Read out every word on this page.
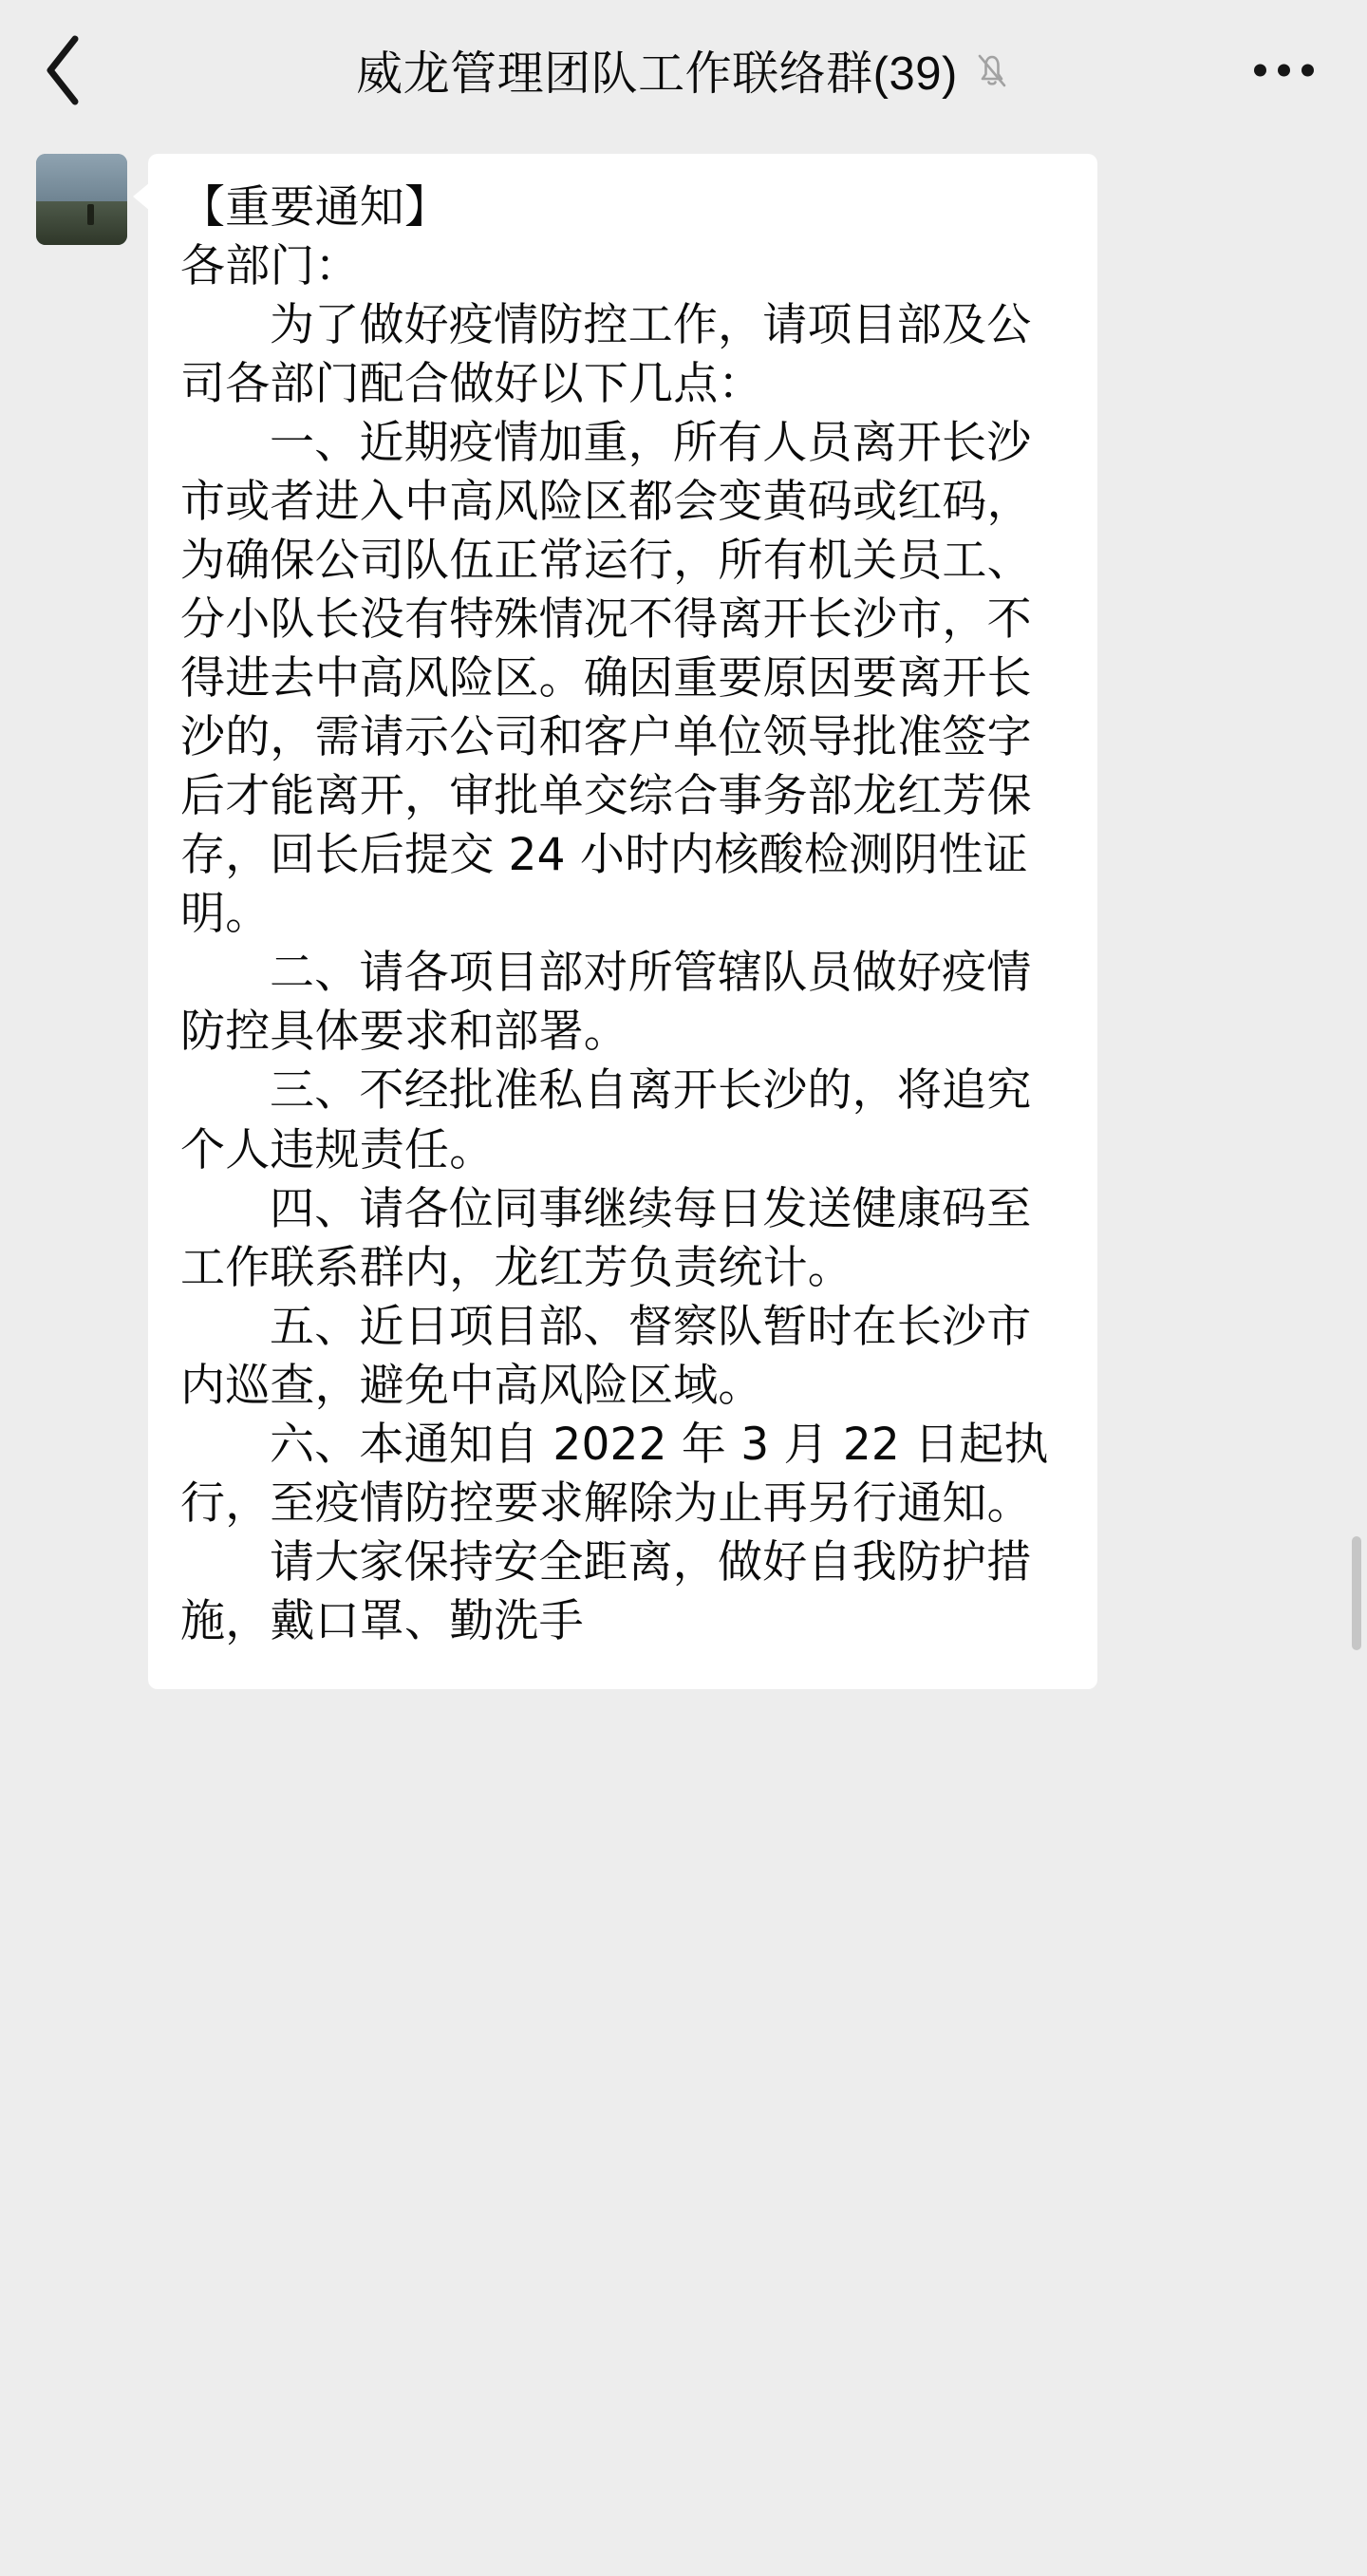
威龙管理团队工作联络群(39)

【重要通知】

各部门：

为了做好疫情防控工作，请项目部及公司各部门配合做好以下几点：

一、近期疫情加重，所有人员离开长沙市或者进入中高风险区都会变黄码或红码，为确保公司队伍正常运行，所有机关员工、分小队长没有特殊情况不得离开长沙市，不得进去中高风险区。确因重要原因要离开长沙的，需请示公司和客户单位领导批准签字后才能离开，审批单交综合事务部龙红芳保存，回长后提交 24 小时内核酸检测阴性证明。

二、请各项目部对所管辖队员做好疫情防控具体要求和部署。

三、不经批准私自离开长沙的，将追究个人违规责任。

四、请各位同事继续每日发送健康码至工作联系群内，龙红芳负责统计。

五、近日项目部、督察队暂时在长沙市内巡查，避免中高风险区域。

六、本通知自 2022 年 3 月 22 日起执行，至疫情防控要求解除为止再另行通知。

请大家保持安全距离，做好自我防护措施，戴口罩、勤洗手
